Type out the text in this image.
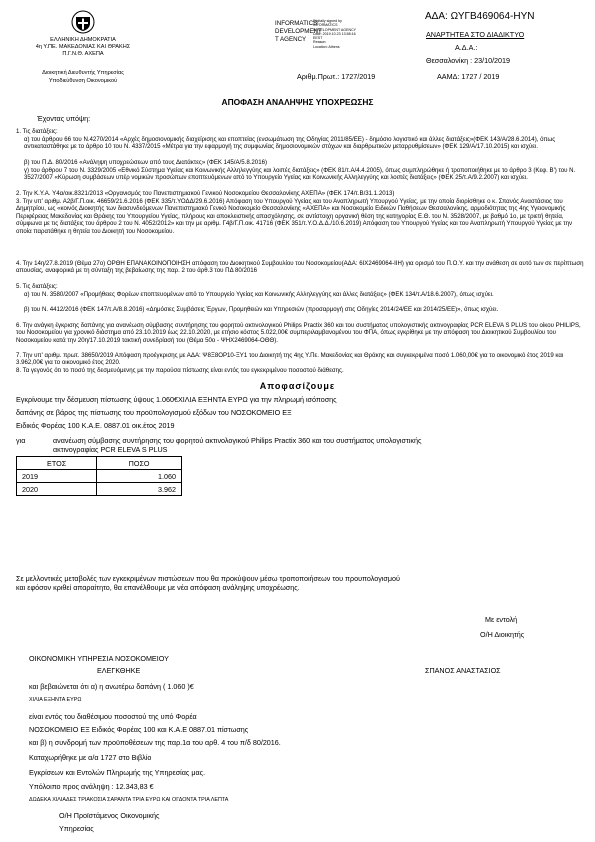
ΕΛΛΗΝΙΚΗ ΔΗΜΟΚΡΑΤΙΑ
4η Υ.ΠΕ. ΜΑΚΕΔΟΝΙΑΣ ΚΑΙ ΘΡΑΚΗΣ
Π.Γ.Ν.Θ. ΑΧΕΠΑ
Διοικητική Διευθυντής Υπηρεσίας
Υποδιεύθυνση Οικονομικού
INFORMATICS
DEVELOPMENT
T AGENCY
Digitally signed by
INFORMATICS
DEVELOPMENT AGENCY
Date: 2019.10.23 13:58:16
EEST
Reason:
Location: Athens
ΑΔΑ: ΩΥΓΒ469064-ΗΥΝ
ΑΝΑΡΤΗΤΕΑ ΣΤΟ ΔΙΑΔΙΚΤΥΟ
Α.Δ.Α.:
Θεσσαλονίκη : 23/10/2019
Αριθμ.Πρωτ.: 1727/2019	ΑΑΜΔ: 1727 / 2019
ΑΠΟΦΑΣΗ ΑΝΑΛΗΨΗΣ ΥΠΟΧΡΕΩΣΗΣ
Έχοντας υπόψη:
1. Τις διατάξεις:
α) του άρθρου 66 του Ν.4270/2014 «Αρχές δημοσιονομικής διαχείρισης και εποπτείας (ενσωμάτωση της Οδηγίας 2011/85/ΕΕ) - δημόσιο λογιστικό και άλλες διατάξεις»(ΦΕΚ 143/Α/28.6.2014), όπως αντικαταστάθηκε με το άρθρο 10 του Ν. 4337/2015 «Μέτρα για την εφαρμογή της συμφωνίας δημοσιονομικών στόχων και διαρθρωτικών μεταρρυθμίσεων» (ΦΕΚ 129/Α/17.10.2015) και ισχύει.
β) του Π.Δ. 80/2016 «Ανάληψη υποχρεώσεων από τους Διατάκτες» (ΦΕΚ 145/Α/5.8.2016)
γ) του άρθρου 7 του Ν. 3329/2005 «Εθνικό Σύστημα Υγείας και Κοινωνικής Αλληλεγγύης και λοιπές διατάξεις» (ΦΕΚ 81/τ.Α/4.4.2005), όπως συμπληρώθηκε ή τροποποιήθηκε με το άρθρο 3 (Κεφ. Β') του Ν. 3527/2007 «Κύρωση συμβάσεων υπέρ νομικών προσώπων εποπτευόμενων από το Υπουργείο Υγείας και Κοινωνικής Αλληλεγγύης και λοιπές διατάξεις» (ΦΕΚ 25/τ.Α/9.2.2007) και ισχύει.
2. Την Κ.Υ.Α. Υ4α/οικ.8321/2013 «Οργανισμός του Πανεπιστημιακού Γενικού Νοσοκομείου Θεσσαλονίκης ΑΧΕΠΑ» (ΦΕΚ 174/τ.Β/31.1.2013)
3. Την υπ' αριθμ. Α2β/Γ.Π.οικ. 46659/21.6.2016 (ΦΕΚ 335/τ.ΥΟΔΔ/29.6.2016) Απόφαση του Υπουργού Υγείας και του Αναπληρωτή Υπουργού Υγείας, με την οποία διορίσθηκε ο κ. Σπανός Αναστάσιος του Δημητρίου, ως «κοινός Διοικητής των διασυνδεόμενων Πανεπιστημιακό Γενικό Νοσοκομείο Θεσσαλονίκης «ΑΧΕΠΑ» και Νοσοκομείο Ειδικών Παθήσεων Θεσσαλονίκης, αρμοδιότητας της 4ης Υγειονομικής Περιφέρειας Μακεδονίας και Θράκης του Υπουργείου Υγείας, πλήρους και αποκλειστικής απασχόλησης, σε αντίστοιχη οργανική θέση της κατηγορίας Ε.Θ. του Ν. 3528/2007, με βαθμό 1ο, με τριετή θητεία, σύμφωνα με τις διατάξεις του άρθρου 2 του Ν. 4052/2012» και την με αριθμ. Γ4β/Γ.Π.οικ. 41716 (ΦΕΚ 351/τ.Υ.Ο.Δ.Δ./10.6.2019) Απόφαση του Υπουργού Υγείας και του Αναπληρωτή Υπουργού Υγείας με την οποία παρατάθηκε η θητεία του Διοικητή του Νοσοκομείου.
4. Την 14η/27.8.2019 (Θέμα 27ο) ΟΡΘΗ ΕΠΑΝΑΚΟΙΝΟΠΟΙΗΣΗ απόφαση του Διοικητικού Συμβουλίου του Νοσοκομείου(ΑΔΑ: 6ΙΧ2469064-ΙΙΗ) για ορισμό του Π.Ο.Υ. και την ανάθεση σε αυτό των σε περίπτωση απουσίας, αναφορικά με τη σύνταξη της βεβαίωσης της παρ. 2 του άρθ.3 του ΠΔ 80/2016
5. Τις διατάξεις:
α) του Ν. 3580/2007 «Προμήθειες Φορέων εποπτευομένων από το Υπουργείο Υγείας και Κοινωνικής Αλληλεγγύης και άλλες διατάξεις» (ΦΕΚ 134/τ.Α/18.6.2007), όπως ισχύει.
β) του Ν. 4412/2016 (ΦΕΚ 147/τ.Α/8.8.2016) «Δημόσιες Συμβάσεις Έργων, Προμηθειών και Υπηρεσιών (προσαρμογή στις Οδηγίες 2014/24/ΕΕ και 2014/25/ΕΕ)», όπως ισχύει.
6. Την ανάγκη έγκρισης δαπάνης για ανανέωση σύμβασης συντήρησης του φορητού ακτινολογικού Philips Practix 360 και του συστήματος υπολογιστικής ακτινογραφίας PCR ELEVA S PLUS του οίκου PHILIPS, του Νοσοκομείου για χρονικό διάστημα από 23.10.2019 έως 22.10.2020, με ετήσιο κόστος 5.022,00€ συμπεριλαμβανομένου του ΦΠΑ, όπως εγκρίθηκε με την απόφαση του Διοικητικού Συμβουλίου του Νοσοκομείου κατά την 20η/17.10.2019 τακτική συνεδρίασή του (Θέμα 50ο - ΨΗΧ2469064-ΟΘΘ).
7. Την υπ' αριθμ. πρωτ. 38650/2019 Απόφαση προέγκρισης με ΑΔΑ: Ψ8Ξ8ΟΡ10-ΞΥ1 του Διοικητή της 4ης Υ.Πε. Μακεδονίας και Θράκης και συγκεκριμένα ποσό 1.060,00€ για το οικονομικό έτος 2019 και 3.962,00€ για το οικονομικό έτος 2020.
8. Τα γεγονός ότι το ποσό της δεσμευόμενης με την παρούσα πίστωσης είναι εντός του εγκεκριμένου ποσοστού διάθεσης.
Αποφασίζουμε
Εγκρίνουμε την δέσμευση πίστωσης ύψους 1.060€ΧΙΛΙΑ ΕΞΗΝΤΑ ΕΥΡΩ για την πληρωμή ισόποσης
δαπάνης σε βάρος της πίστωσης του προϋπολογισμού εξόδων του ΝΟΣΟΚΟΜΕΙΟ ΕΞ
Ειδικός Φορέας 100 Κ.Α.Ε. 0887.01 οικ.έτος 2019
για	ανανέωση σύμβασης συντήρησης του φορητού ακτινολογικού Philips Practix 360 και του συστήματος υπολογιστικής
ακτινογραφίας PCR ELEVA S PLUS
ΕΤΟΣ	ΠΟΣΟ
2019	1.060
2020	3.962
Σε μελλοντικές μεταβολές των εγκεκριμένων πιστώσεων που θα προκύψουν μέσω τροποποιήσεων του προυπολογισμού
και εφόσον κριθεί απαραίτητο, θα επανέλθουμε με νέα απόφαση ανάληψης υποχρέωσης.
Με εντολή
Ο/Η Διοικητής
ΟΙΚΟΝΟΜΙΚΗ ΥΠΗΡΕΣΙΑ ΝΟΣΟΚΟΜΕΙΟΥ
ΕΛΕΓΚΘΗΚΕ	ΣΠΑΝΟΣ ΑΝΑΣΤΑΣΙΟΣ
και βεβαιώνεται ότι α) η ανωτέρω δαπάνη ( 1.060 )€
ΧΙΛΙΑ ΕΞΗΝΤΑ ΕΥΡΩ
είναι εντός του διαθέσιμου ποσοστού της υπό Φορέα
ΝΟΣΟΚΟΜΕΙΟ ΕΞ Ειδικός Φορέας 100 και Κ.Α.Ε 0887.01 πίστωσης
και β) η συνδρομή των προϋποθέσεων της παρ.1α του αρθ. 4 του π/δ 80/2016.
Καταχωρήθηκε με α/α 1727 στο Βιβλίο
Εγκρίσεων και Εντολών Πληρωμής της Υπηρεσίας μας.
Υπόλοιπο προς ανάληψη : 12.343,83 €
ΔΩΔΕΚΑ ΧΙΛΙΑΔΕΣ ΤΡΙΑΚΟΣΙΑ ΣΑΡΑΝΤΑ ΤΡΙΑ ΕΥΡΩ ΚΑΙ ΟΓΔΟΝΤΑ ΤΡΙΑ ΛΕΠΤΑ
Ο/Η Προϊστάμενος Οικονομικής
Υπηρεσίας
